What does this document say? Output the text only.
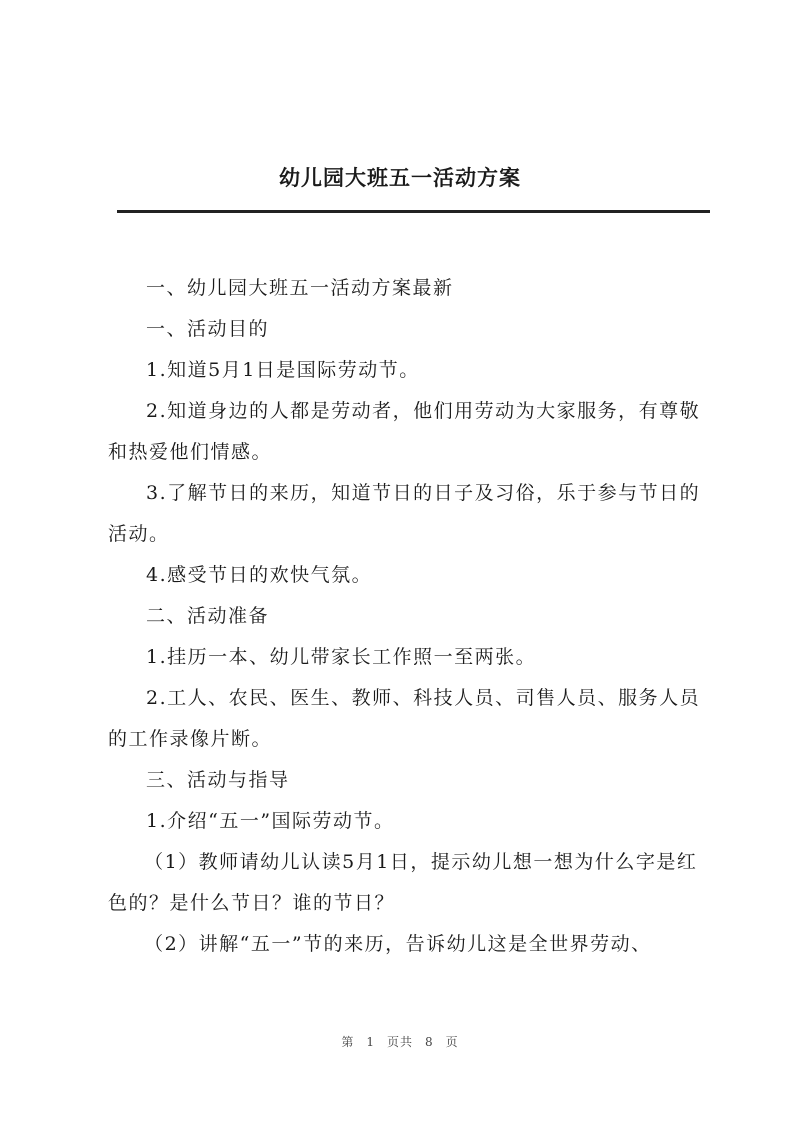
幼儿园大班五一活动方案

一、幼儿园大班五一活动方案最新

一、活动目的

1.知道5月1日是国际劳动节。

2.知道身边的人都是劳动者，他们用劳动为大家服务，有尊敬和热爱他们情感。

3.了解节日的来历，知道节日的日子及习俗，乐于参与节日的活动。

4.感受节日的欢快气氛。

二、活动准备

1.挂历一本、幼儿带家长工作照一至两张。

2.工人、农民、医生、教师、科技人员、司售人员、服务人员的工作录像片断。

三、活动与指导

1.介绍“五一”国际劳动节。

（1）教师请幼儿认读5月1日，提示幼儿想一想为什么字是红色的？是什么节日？谁的节日？

（2）讲解“五一”节的来历，告诉幼儿这是全世界劳动、

第 1 页共 8 页
